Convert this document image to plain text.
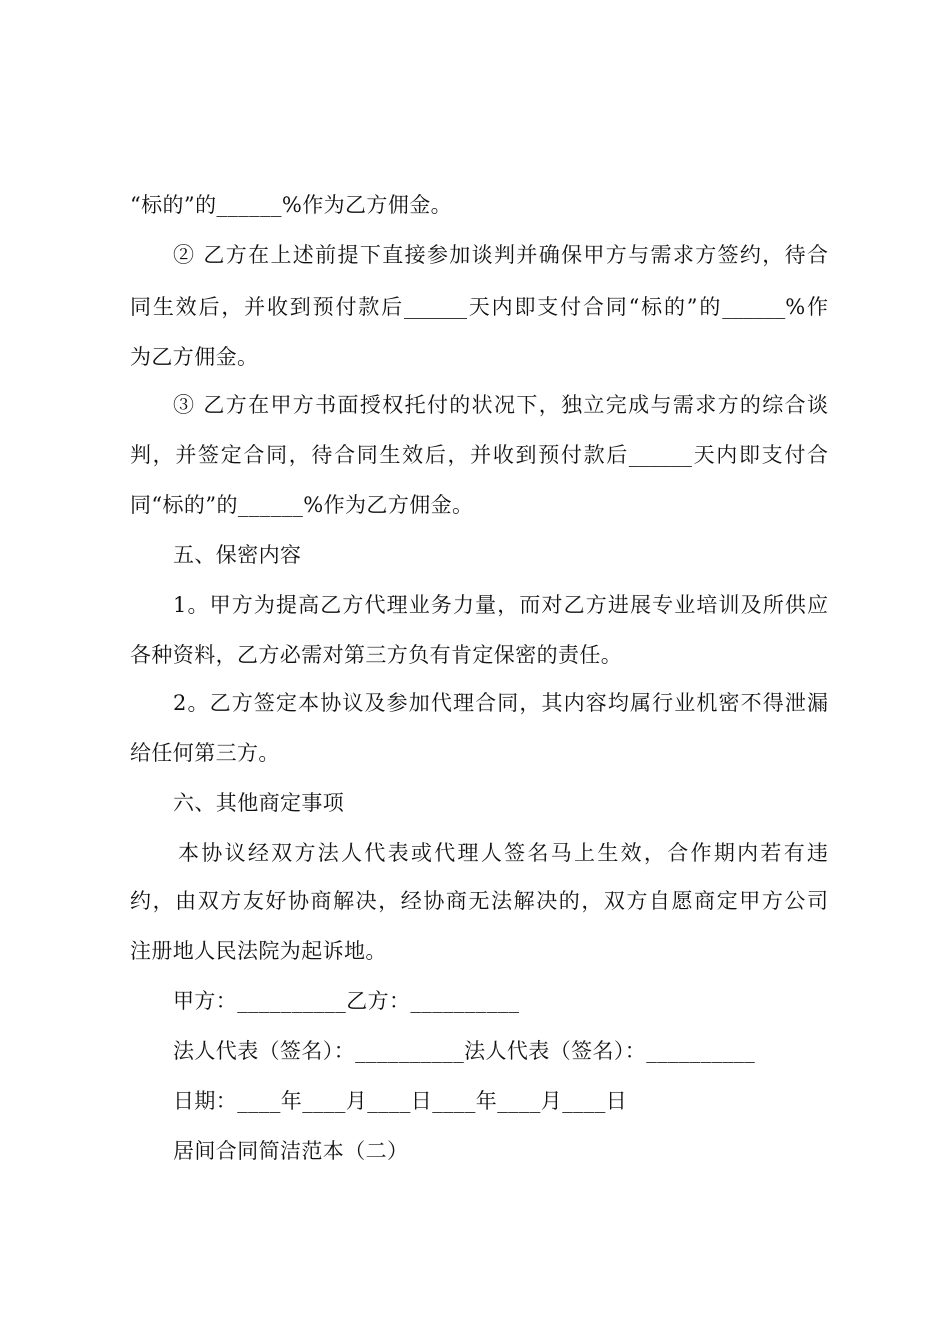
“标的”的______%作为乙方佣金。
② 乙方在上述前提下直接参加谈判并确保甲方与需求方签约，待合
同生效后，并收到预付款后______天内即支付合同“标的”的______%作
为乙方佣金。
③ 乙方在甲方书面授权托付的状况下，独立完成与需求方的综合谈
判，并签定合同，待合同生效后，并收到预付款后______天内即支付合
同“标的”的______%作为乙方佣金。
五、保密内容
1。甲方为提高乙方代理业务力量，而对乙方进展专业培训及所供应
各种资料，乙方必需对第三方负有肯定保密的责任。
2。乙方签定本协议及参加代理合同，其内容均属行业机密不得泄漏
给任何第三方。
六、其他商定事项
本协议经双方法人代表或代理人签名马上生效，合作期内若有违
约，由双方友好协商解决，经协商无法解决的，双方自愿商定甲方公司
注册地人民法院为起诉地。
甲方：__________乙方：__________
法人代表（签名）：__________法人代表（签名）：__________
日期：____年____月____日____年____月____日
居间合同简洁范本（二）
